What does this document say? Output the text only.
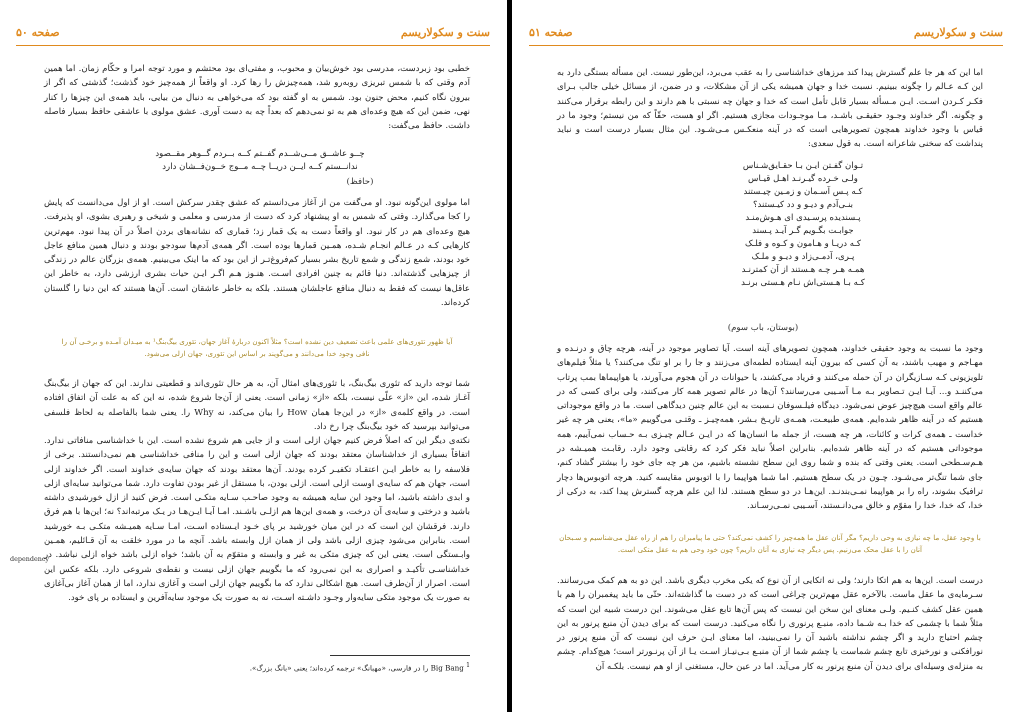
سنت و سکولاریسم
صفحه ۵۰

خطبی بود زبردست، مدرسی بود خوش‌بیان و محبوب، و مفتی‌ای بود محتشم و مورد توجه امرا و حکّام زمان. اما همین آدم وقتی که با شمس تبریزی روبه‌رو شد، همه‌چیزش را رها کرد. او واقعاً از همه‌چیز خود گذشت؛ گذشتی که اگر از بیرون نگاه کنیم، محض جنون بود. شمس به او گفته بود که می‌خواهی به دنبال من بیایی، باید همه‌ی این چیزها را کنار نهی، ضمن این که هیچ وعده‌ای هم به تو نمی‌دهم که بعداً چه به دست آوری. عشق مولوی با عاشقی حافظ بسیار فاصله داشت. حافظ می‌گفت:

چــو عاشــق مــی‌شــدم گفــتم کــه بــردم گــوهر مقــصود
ندانــستم کــه ایــن دریــا چــه مــوج خــون‌فــشان دارد
(حافظ)

اما مولوی این‌گونه نبود. او می‌گفت من از آغاز می‌دانستم که عشق چقدر سرکش است. او از اول می‌دانست که پایش را کجا می‌گذارد. وقتی که شمس به او پیشنهاد کرد که دست از مدرسی و معلمی و شیخی و رهبری بشوی، او پذیرفت. هیچ وعده‌ای هم در کار نبود. او واقعاً دست به یک قمار زد؛ قماری که نشانه‌های بردن اصلاً در آن پیدا نبود. مهم‌ترین کارهایی کـه در عـالم انجـام شـده، همـین قمارها بوده است. اگر همه‌ی آدم‌ها سودجو بودند و دنبال همین منافع عاجل خود بودند، شمع زندگی و شمع تاریخ بشر بسیار کم‌فروغ‌تـر از این بود که ما اینک می‌بینیم. همه‌ی بزرگان عالم در زندگی از چیزهایی گذشته‌اند. دنیا قائم به چنین افرادی اسـت. هنـوز هـم اگـر ایـن حیات بشری ارزشی دارد، به خاطر این عاقل‌ها نیست که فقط به دنبال منافع عاجلشان هستند. بلکه به خاطر عاشقان است. آن‌ها هستند که این دنیا را گلستان کرده‌اند.

آیا ظهور تئوری‌های علمی باعث تضعیف دین نشده است؟ مثلاً اکنون دربارهٔ آغاز جهان، تئوری بیگ‌بنگ¹ به میـدان آمـده و برخـی آن را
نافی وجود خدا می‌دانند و می‌گویند بر اساس این تئوری، جهان ازلی می‌شود.

شما توجه دارید که تئوری بیگ‌بنگ، با تئوری‌های امثال آن، به هر حال تئوری‌اند و قطعیتی ندارند. این که جهان از بیگ‌بنگ آغـاز شده، این «از» علّی نیست، بلکه «از» زمانی است. یعنی از آن‌جا شروع شده، نه این که به علت آن اتفاق افتاده است. در واقع کلمه‌ی «از» در این‌جا همان How را بیان می‌کند، نه Why را. یعنی شما بالفاصله به لحاظ فلسفی می‌توانید بپرسید که خود بیگ‌بنگ چرا رخ داد.

نکته‌ی دیگر این که اصلاً فرض کنیم جهان ازلی است و از جایی هم شروع نشده است. این با خداشناسی منافاتی ندارد. اتفاقاً بسیاری از خداشناسان معتقد بودند که جهان ازلی است و این را منافی خداشناسی هم نمی‌دانستند. برخی از فلاسفه را به خاطر ایـن اعتقـاد تکفیـر کرده بودند. آن‌ها معتقد بودند که جهان سایه‌ی خداوند است. اگر خداوند ازلی است، جهان هم که سایه‌ی اوست ازلی است. ازلی بودن، با مستقل از غیر بودن تفاوت دارد. شما می‌توانید سایه‌ای ازلی و ابدی داشته باشید، اما وجود این سایه همیشه به وجود صاحـب سـایه متکـی است. فرض کنید از ازل خورشیدی داشته باشید و درختی و سایه‌ی آن درخت، و همه‌ی این‌ها هم ازلـی باشـند. امـا آیـا ایـن‌هـا در یـک مرتبه‌اند؟ نه؛ این‌ها با هم فرق دارند. فرقشان این است که در این میان خورشید بر پای خـود ایـستاده اسـت، امـا سـایه همیـشه متکـی بـه خورشید است. بنابراین می‌شود چیزی ازلی باشد ولی از همان ازل وابسته باشد. آنچه ما در مورد خلقت به آن قـائلیم، همـین وابـستگی است. یعنی این که چیزی متکی به غیر و وابسته و متقوّم به آن باشد؛ خواه ازلی باشد خواه ازلی نباشد. در خداشناسـی تأکیـد و اصراری به این نمی‌رود که ما بگوییم جهان ازلی نیست و نقطه‌ی شروعی دارد. بلکه عکس این است. اصرار از آن‌طرف است. هیچ اشکالی ندارد که ما بگوییم جهان ازلی است و آغازی ندارد، اما از همان آغاز بی‌آغازی به صورت یک موجود متکی سایه‌وار وجـود داشـته اسـت، نه به صورت یک موجود سایه‌آفرین و ایستاده بر پای خود.

dependency
$^1$ Big Bang را در فارسی، «مهبانگ» ترجمه کرده‌اند؛ یعنی «بانگ بزرگ».
سنت و سکولاریسم
صفحه ۵۱

اما این که هر جا علم گسترش پیدا کند مرزهای خداشناسی را به عقب می‌برد، این‌طور نیست. این مسأله بستگی دارد به این کـه عـالم را چگونه ببینیم. نسبت خدا و جهان همیشه یکی از آن مشکلات، و در ضمن، از مسائل خیلی جالب بـرای فکـر کـردن اسـت. ایـن مـسأله بسیار قابل تأمل است که خدا و جهان چه نسبتی با هم دارند و این رابطه برقرار می‌کنند و چگونه. اگر خداوند وجـود حقیقـی باشـد، مـا موجـودات مجازی هستیم. اگر او هست، حقّاً که من نیستم؛ وجود ما در قیاس با وجود خداوند همچون تصویرهایی است که در آینه منعکـس مـی‌شـود. این مثال بسیار درست است و نباید پنداشت که سخنی شاعرانه است. به قول سعدی:

تـوان گفـتن ایـن بـا حقـایق‌شـناس
ولـی خـرده گیـرنـد اهـل قیـاس
کـه پـس آسـمان و زمـین چیـستند
بنـی‌آدم و دیـو و دد کیـستند؟
پـسندیده پرسـیدی ای هـوش‌منـد
جوابـت بگـویم گـر آیـد پـسند
کـه دریـا و هـامون و کـوه و فلـک
پـری، آدمـی‌زاد و دیـو و ملـک
همـه هـر چـه هـستند از آن کمترنـد
کـه بـا هـستی‌اش نـام هـستی برنـد
(بوستان، باب سوم)

وجود ما نسبت به وجود حقیقی خداوند، همچون تصویرهای آینه است. آیا تصاویر موجود در آینه، هرچه چاق و درنـده و مهـاجم و مهیب باشند، به آن کسی که بیرون آینه ایستاده لطمه‌ای می‌زنند و جا را بر او تنگ می‌کنند؟ یا مثلاً فیلم‌های تلویزیونی کـه سـازیگران در آن حمله می‌کنند و فریاد می‌کشند، یا حیوانات در آن هجوم می‌آورند، یا هواپیماها بمب پرتاب می‌کننـد و... آیـا ایـن تـصاویر بـه مـا آسـیبی می‌رسانند؟ آن‌ها در عالم تصویر همه کار می‌کنند، ولی برای کسی که در عالم واقع است هیچ‌چیز عوض نمی‌شود. دیدگاه فیلـسوفان نـسبت به این عالم چنین دیدگاهی است. ما در واقع موجوداتی هستیم که در آینه ظاهر شده‌ایم. همه‌ی طبیعـت، همـه‌ی تاریـخ بـشر، همه‌چیـز ـ وقتـی می‌گوییم «ما»، یعنی هر چه غیر خداست ـ همه‌ی کرات و کائنات، هر چه هست، از جمله ما انسان‌ها که در ایـن عـالم چیـزی بـه حـساب نمی‌آییم، همه موجوداتی هستیم که در آینه ظاهر شده‌ایم. بنابراین اصلاً نباید فکر کرد که رقابتی وجود دارد. رقابـت همیـشه در هـم‌سـطحی است. یعنی وقتی که بنده و شما روی این سطح نشسته باشیم، من هر چه جای خود را بیشتر گشاد کنم، جای شما تنگ‌تر می‌شـود. چـون در یک سطح هستیم. اما شما هواپیما را با اتوبوس مقایسه کنید. هرچه اتوبوس‌ها دچار ترافیک بشوند، راه را بر هواپیما نمـی‌بندنـد. این‌هـا در دو سطح هستند. لذا این علم هرچه گسترش پیدا کند، به درکی از خدا، که خدا، خدا را مقوّم و خالق می‌دانـستند، آسـیبی نمـی‌رسـاند.

با وجود عقل، ما چه نیازی به وحی داریم؟ مگر آنان عقل ما همه‌چیز را کشف نمی‌کند؟ حتی ما پیامبران را هم از راه عقل می‌شناسیم و سـبحان
آنان را با عقل محک می‌زنیم. پس دیگر چه نیازی به آنان داریم؟ چون خود وحی هم به عقل متکی است.

درست است. این‌ها به هم اتکا دارند؛ ولی نه اتکایی از آن نوع که یکی مخرب دیگری باشد. این دو به هم کمک می‌رسانند. سـرمایه‌ی ما عقل ماست. بالآخره عقل مهم‌ترین چراغی است که در دست ما گذاشته‌اند. حتّی ما باید پیغمبران را هم با همین عقل کشف کنـیم. ولـی معنای این سخن این نیست که پس آن‌ها تابع عقل می‌شوند. این درست شبیه این است که مثلاً شما با چشمی که خدا بـه شـما داده، منبـع پرنوری را نگاه می‌کنید. درست است که برای دیدن آن منبع پرنور به این چشم احتیاج دارید و اگر چشم نداشته باشید آن را نمی‌بینید، اما معنای ایـن حرف این نیست که آن منبع پرنور در نورافکنی و نورخیزی تابع چشم شماست یا چشم شما از آن منبـع بـی‌نیـاز اسـت یـا از آن پرنـورتر است؛ هیچ‌کدام. چشم به منزله‌ی وسیله‌ای برای دیدن آن منبع پرنور به کار می‌آید. اما در عین حال، مستغنی از او هم نیست. بلکـه آن
